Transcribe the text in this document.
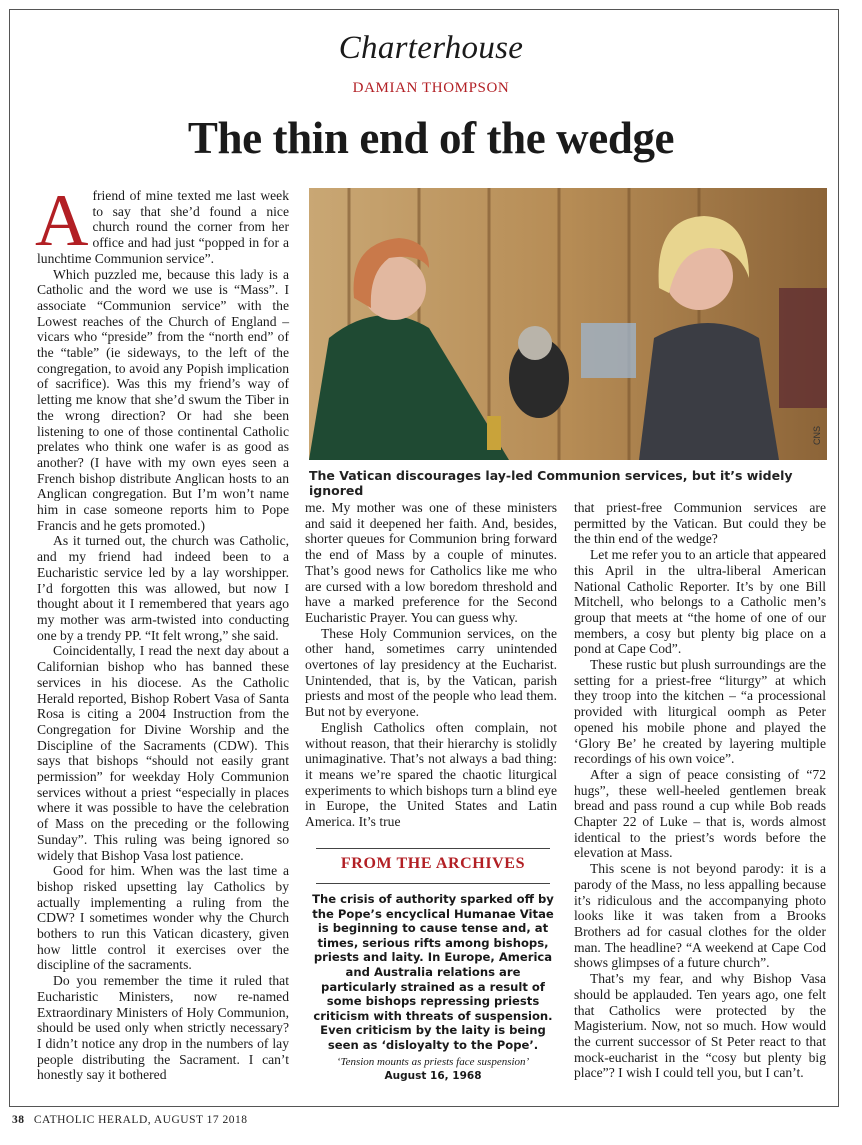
Charterhouse
DAMIAN THOMPSON
The thin end of the wedge

Afriend of mine texted me last week to say that she’d found a nice church round the corner from her office and had just “popped in for a lunchtime Communion service”.

Which puzzled me, because this lady is a Catholic and the word we use is “Mass”. I associate “Communion service” with the Lowest reaches of the Church of England – vicars who “preside” from the “north end” of the “table” (ie sideways, to the left of the congregation, to avoid any Popish implication of sacrifice). Was this my friend’s way of letting me know that she’d swum the Tiber in the wrong direction? Or had she been listening to one of those continental Catholic prelates who think one wafer is as good as another? (I have with my own eyes seen a French bishop distribute Anglican hosts to an Anglican congregation. But I’m won’t name him in case someone reports him to Pope Francis and he gets promoted.)

As it turned out, the church was Catholic, and my friend had indeed been to a Eucharistic service led by a lay worshipper. I’d forgotten this was allowed, but now I thought about it I remembered that years ago my mother was arm-twisted into conducting one by a trendy PP. “It felt wrong,” she said.

Coincidentally, I read the next day about a Californian bishop who has banned these services in his diocese. As the Catholic Herald reported, Bishop Robert Vasa of Santa Rosa is citing a 2004 Instruction from the Congregation for Divine Worship and the Discipline of the Sacraments (CDW). This says that bishops “should not easily grant permission” for weekday Holy Communion services without a priest “especially in places where it was possible to have the celebration of Mass on the preceding or the following Sunday”. This ruling was being ignored so widely that Bishop Vasa lost patience.

Good for him. When was the last time a bishop risked upsetting lay Catholics by actually implementing a ruling from the CDW? I sometimes wonder why the Church bothers to run this Vatican dicastery, given how little control it exercises over the discipline of the sacraments.

Do you remember the time it ruled that Eucharistic Ministers, now re-named Extraordinary Ministers of Holy Communion, should be used only when strictly necessary? I didn’t notice any drop in the numbers of lay people distributing the Sacrament. I can’t honestly say it bothered

CNS
The Vatican discourages lay-led Communion services, but it’s widely ignored

me. My mother was one of these ministers and said it deepened her faith. And, besides, shorter queues for Communion bring forward the end of Mass by a couple of minutes. That’s good news for Catholics like me who are cursed with a low boredom threshold and have a marked preference for the Second Eucharistic Prayer. You can guess why.

These Holy Communion services, on the other hand, sometimes carry unintended overtones of lay presidency at the Eucharist. Unintended, that is, by the Vatican, parish priests and most of the people who lead them. But not by everyone.

English Catholics often complain, not without reason, that their hierarchy is stolidly unimaginative. That’s not always a bad thing: it means we’re spared the chaotic liturgical experiments to which bishops turn a blind eye in Europe, the United States and Latin America. It’s true

FROM THE ARCHIVES
The crisis of authority sparked off by the Pope’s encyclical Humanae Vitae is beginning to cause tense and, at times, serious rifts among bishops, priests and laity. In Europe, America and Australia relations are particularly strained as a result of some bishops repressing priests criticism with threats of suspension. Even criticism by the laity is being seen as ‘disloyalty to the Pope’.
‘Tension mounts as priests face suspension’
August 16, 1968

that priest-free Communion services are permitted by the Vatican. But could they be the thin end of the wedge?

Let me refer you to an article that appeared this April in the ultra-liberal American National Catholic Reporter. It’s by one Bill Mitchell, who belongs to a Catholic men’s group that meets at “the home of one of our members, a cosy but plenty big place on a pond at Cape Cod”.

These rustic but plush surroundings are the setting for a priest-free “liturgy” at which they troop into the kitchen – “a processional provided with liturgical oomph as Peter opened his mobile phone and played the ‘Glory Be’ he created by layering multiple recordings of his own voice”.

After a sign of peace consisting of “72 hugs”, these well-heeled gentlemen break bread and pass round a cup while Bob reads Chapter 22 of Luke – that is, words almost identical to the priest’s words before the elevation at Mass.

This scene is not beyond parody: it is a parody of the Mass, no less appalling because it’s ridiculous and the accompanying photo looks like it was taken from a Brooks Brothers ad for casual clothes for the older man. The headline? “A weekend at Cape Cod shows glimpses of a future church”.

That’s my fear, and why Bishop Vasa should be applauded. Ten years ago, one felt that Catholics were protected by the Magisterium. Now, not so much. How would the current successor of St Peter react to that mock-eucharist in the “cosy but plenty big place”? I wish I could tell you, but I can’t.

38 CATHOLIC HERALD, AUGUST 17 2018
